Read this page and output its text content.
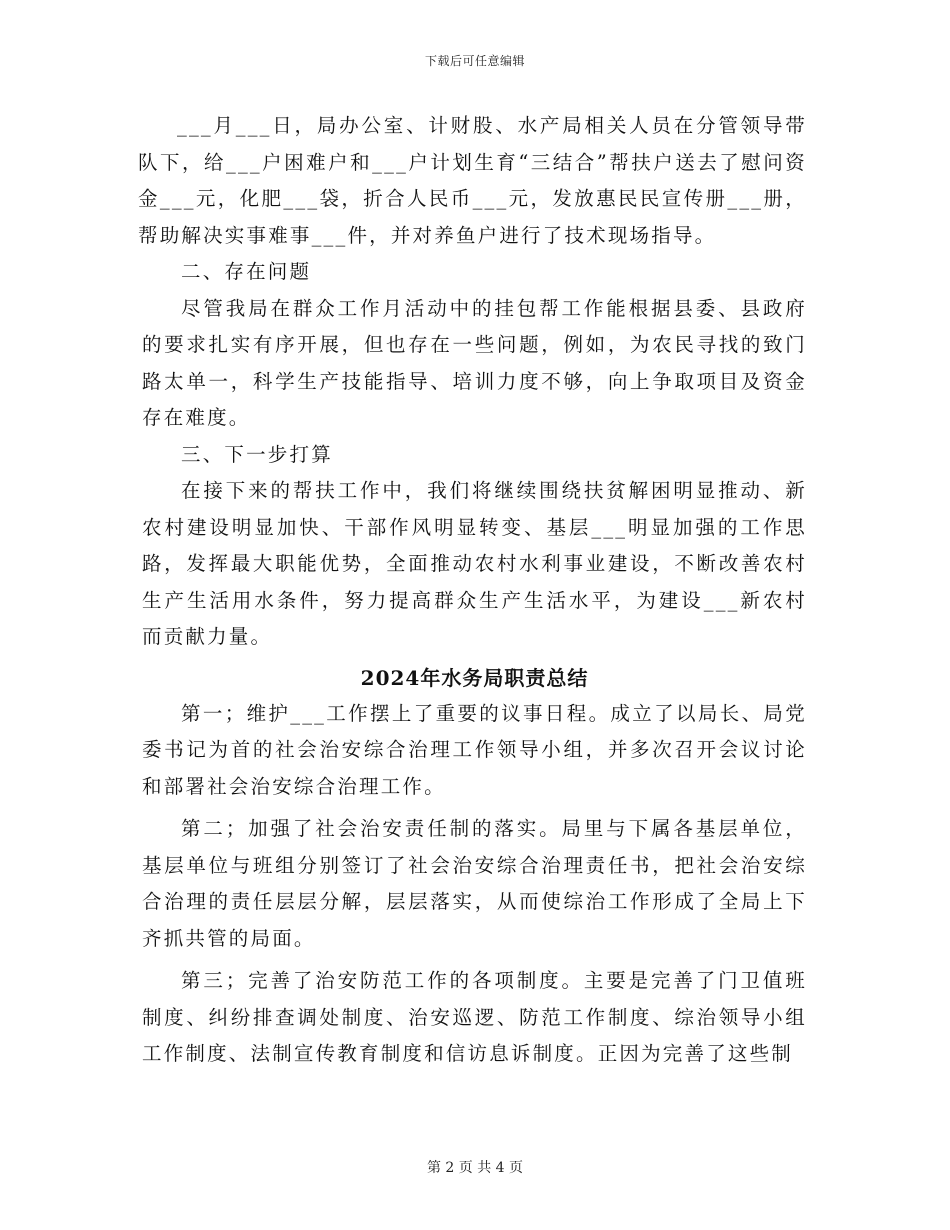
下载后可任意编辑

___月___日，局办公室、计财股、水产局相关人员在分管领导带队下，给___户困难户和___户计划生育“三结合”帮扶户送去了慰问资金___元，化肥___袋，折合人民币___元，发放惠民民宣传册___册，帮助解决实事难事___件，并对养鱼户进行了技术现场指导。

二、存在问题

尽管我局在群众工作月活动中的挂包帮工作能根据县委、县政府的要求扎实有序开展，但也存在一些问题，例如，为农民寻找的致门路太单一，科学生产技能指导、培训力度不够，向上争取项目及资金存在难度。

三、下一步打算

在接下来的帮扶工作中，我们将继续围绕扶贫解困明显推动、新农村建设明显加快、干部作风明显转变、基层___明显加强的工作思路，发挥最大职能优势，全面推动农村水利事业建设，不断改善农村生产生活用水条件，努力提高群众生产生活水平，为建设___新农村而贡献力量。

2024年水务局职责总结

第一；维护___工作摆上了重要的议事日程。成立了以局长、局党委书记为首的社会治安综合治理工作领导小组，并多次召开会议讨论和部署社会治安综合治理工作。

第二；加强了社会治安责任制的落实。局里与下属各基层单位，基层单位与班组分别签订了社会治安综合治理责任书，把社会治安综合治理的责任层层分解，层层落实，从而使综治工作形成了全局上下齐抓共管的局面。

第三；完善了治安防范工作的各项制度。主要是完善了门卫值班制度、纠纷排查调处制度、治安巡逻、防范工作制度、综治领导小组工作制度、法制宣传教育制度和信访息诉制度。正因为完善了这些制

第 2 页 共 4 页
